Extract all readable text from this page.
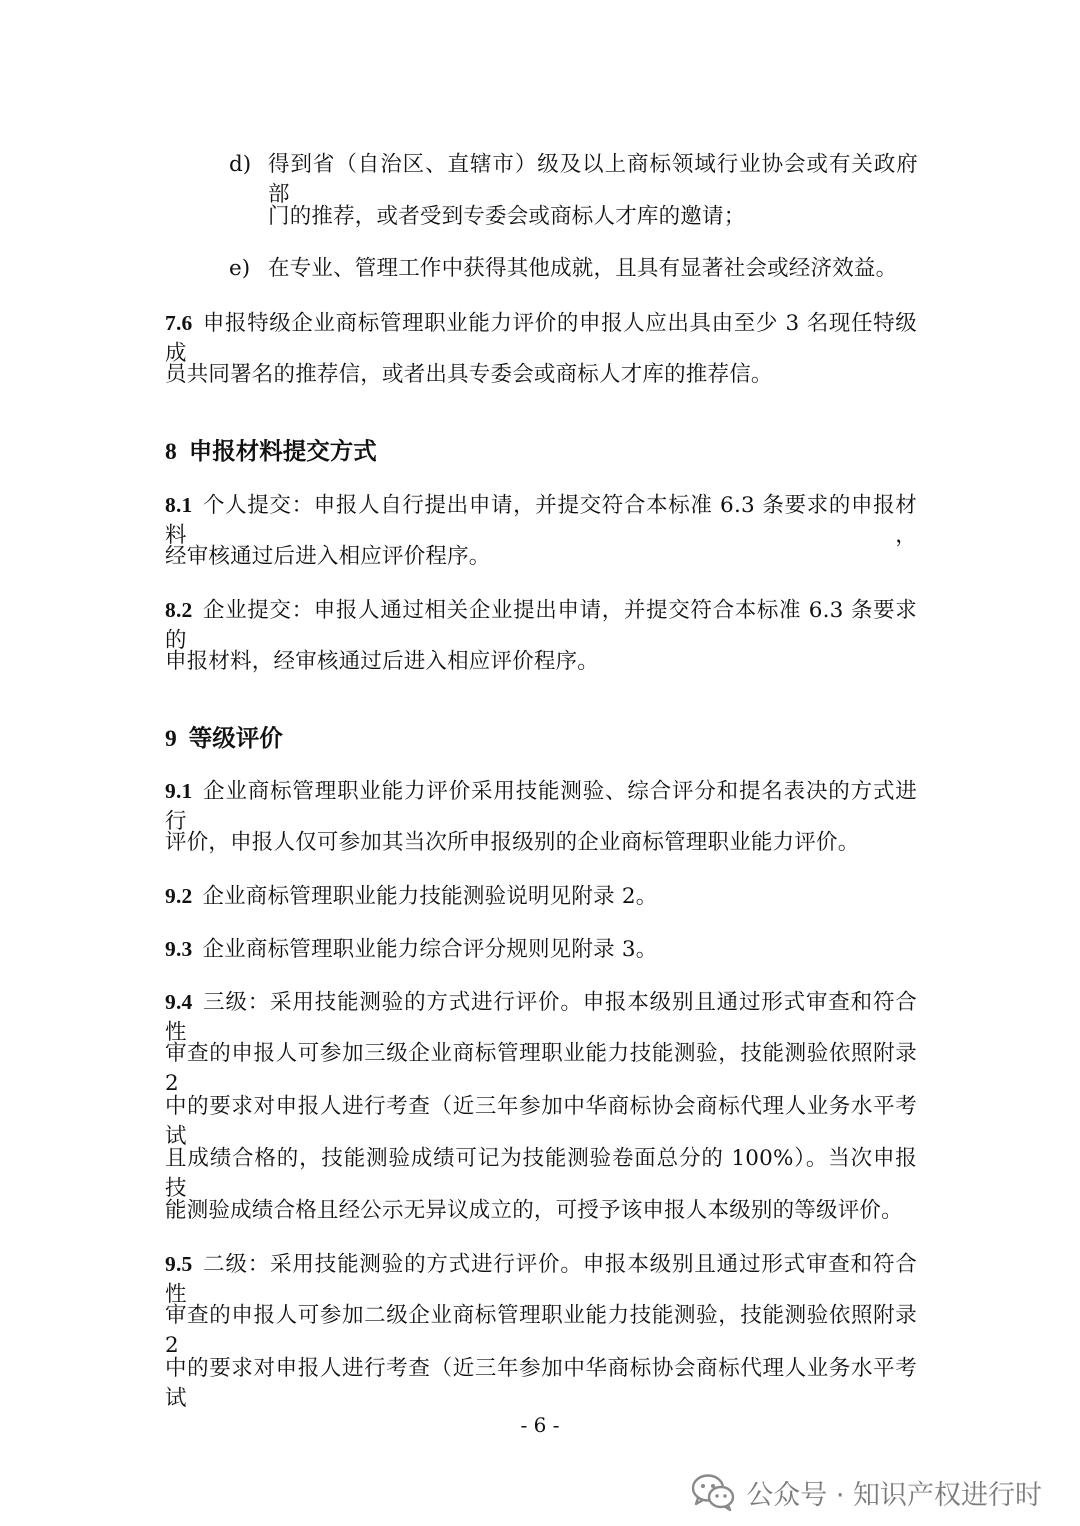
d) 得到省（自治区、直辖市）级及以上商标领域行业协会或有关政府部
门的推荐，或者受到专委会或商标人才库的邀请；
e) 在专业、管理工作中获得其他成就，且具有显著社会或经济效益。
7.6 申报特级企业商标管理职业能力评价的申报人应出具由至少 3 名现任特级成
员共同署名的推荐信，或者出具专委会或商标人才库的推荐信。
8 申报材料提交方式
8.1 个人提交：申报人自行提出申请，并提交符合本标准 6.3 条要求的申报材料，
经审核通过后进入相应评价程序。
8.2 企业提交：申报人通过相关企业提出申请，并提交符合本标准 6.3 条要求的
申报材料，经审核通过后进入相应评价程序。
9 等级评价
9.1 企业商标管理职业能力评价采用技能测验、综合评分和提名表决的方式进行
评价，申报人仅可参加其当次所申报级别的企业商标管理职业能力评价。
9.2 企业商标管理职业能力技能测验说明见附录 2。
9.3 企业商标管理职业能力综合评分规则见附录 3。
9.4 三级：采用技能测验的方式进行评价。申报本级别且通过形式审查和符合性
审查的申报人可参加三级企业商标管理职业能力技能测验，技能测验依照附录 2
中的要求对申报人进行考查（近三年参加中华商标协会商标代理人业务水平考试
且成绩合格的，技能测验成绩可记为技能测验卷面总分的 100%）。当次申报技
能测验成绩合格且经公示无异议成立的，可授予该申报人本级别的等级评价。
9.5 二级：采用技能测验的方式进行评价。申报本级别且通过形式审查和符合性
审查的申报人可参加二级企业商标管理职业能力技能测验，技能测验依照附录 2
中的要求对申报人进行考查（近三年参加中华商标协会商标代理人业务水平考试
- 6 -
公众号 · 知识产权进行时
